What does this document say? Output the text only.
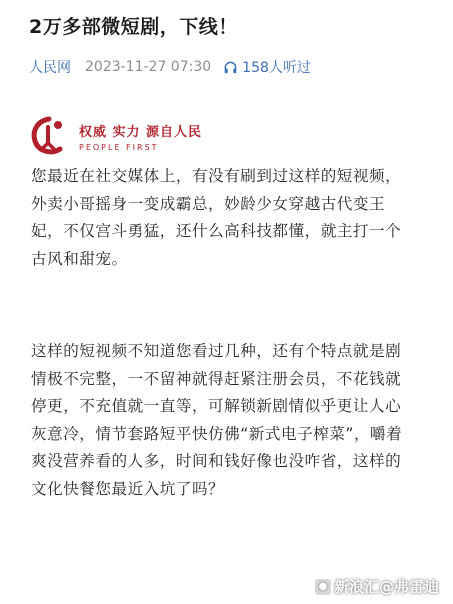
2万多部微短剧，下线！
人民网 2023-11-27 07:30 158人听过
权威 实力 源自人民
PEOPLE FIRST

您最近在社交媒体上，有没有刷到过这样的短视频，外卖小哥摇身一变成霸总，妙龄少女穿越古代变王妃，不仅宫斗勇猛，还什么高科技都懂，就主打一个古风和甜宠。

这样的短视频不知道您看过几种，还有个特点就是剧情极不完整，一不留神就得赶紧注册会员，不花钱就停更，不充值就一直等，可解锁新剧情似乎更让人心灰意冷，情节套路短平快仿佛“新式电子榨菜”，嚼着爽没营养看的人多，时间和钱好像也没咋省，这样的文化快餐您最近入坑了吗？

● 新浪汇@弗雷迪
